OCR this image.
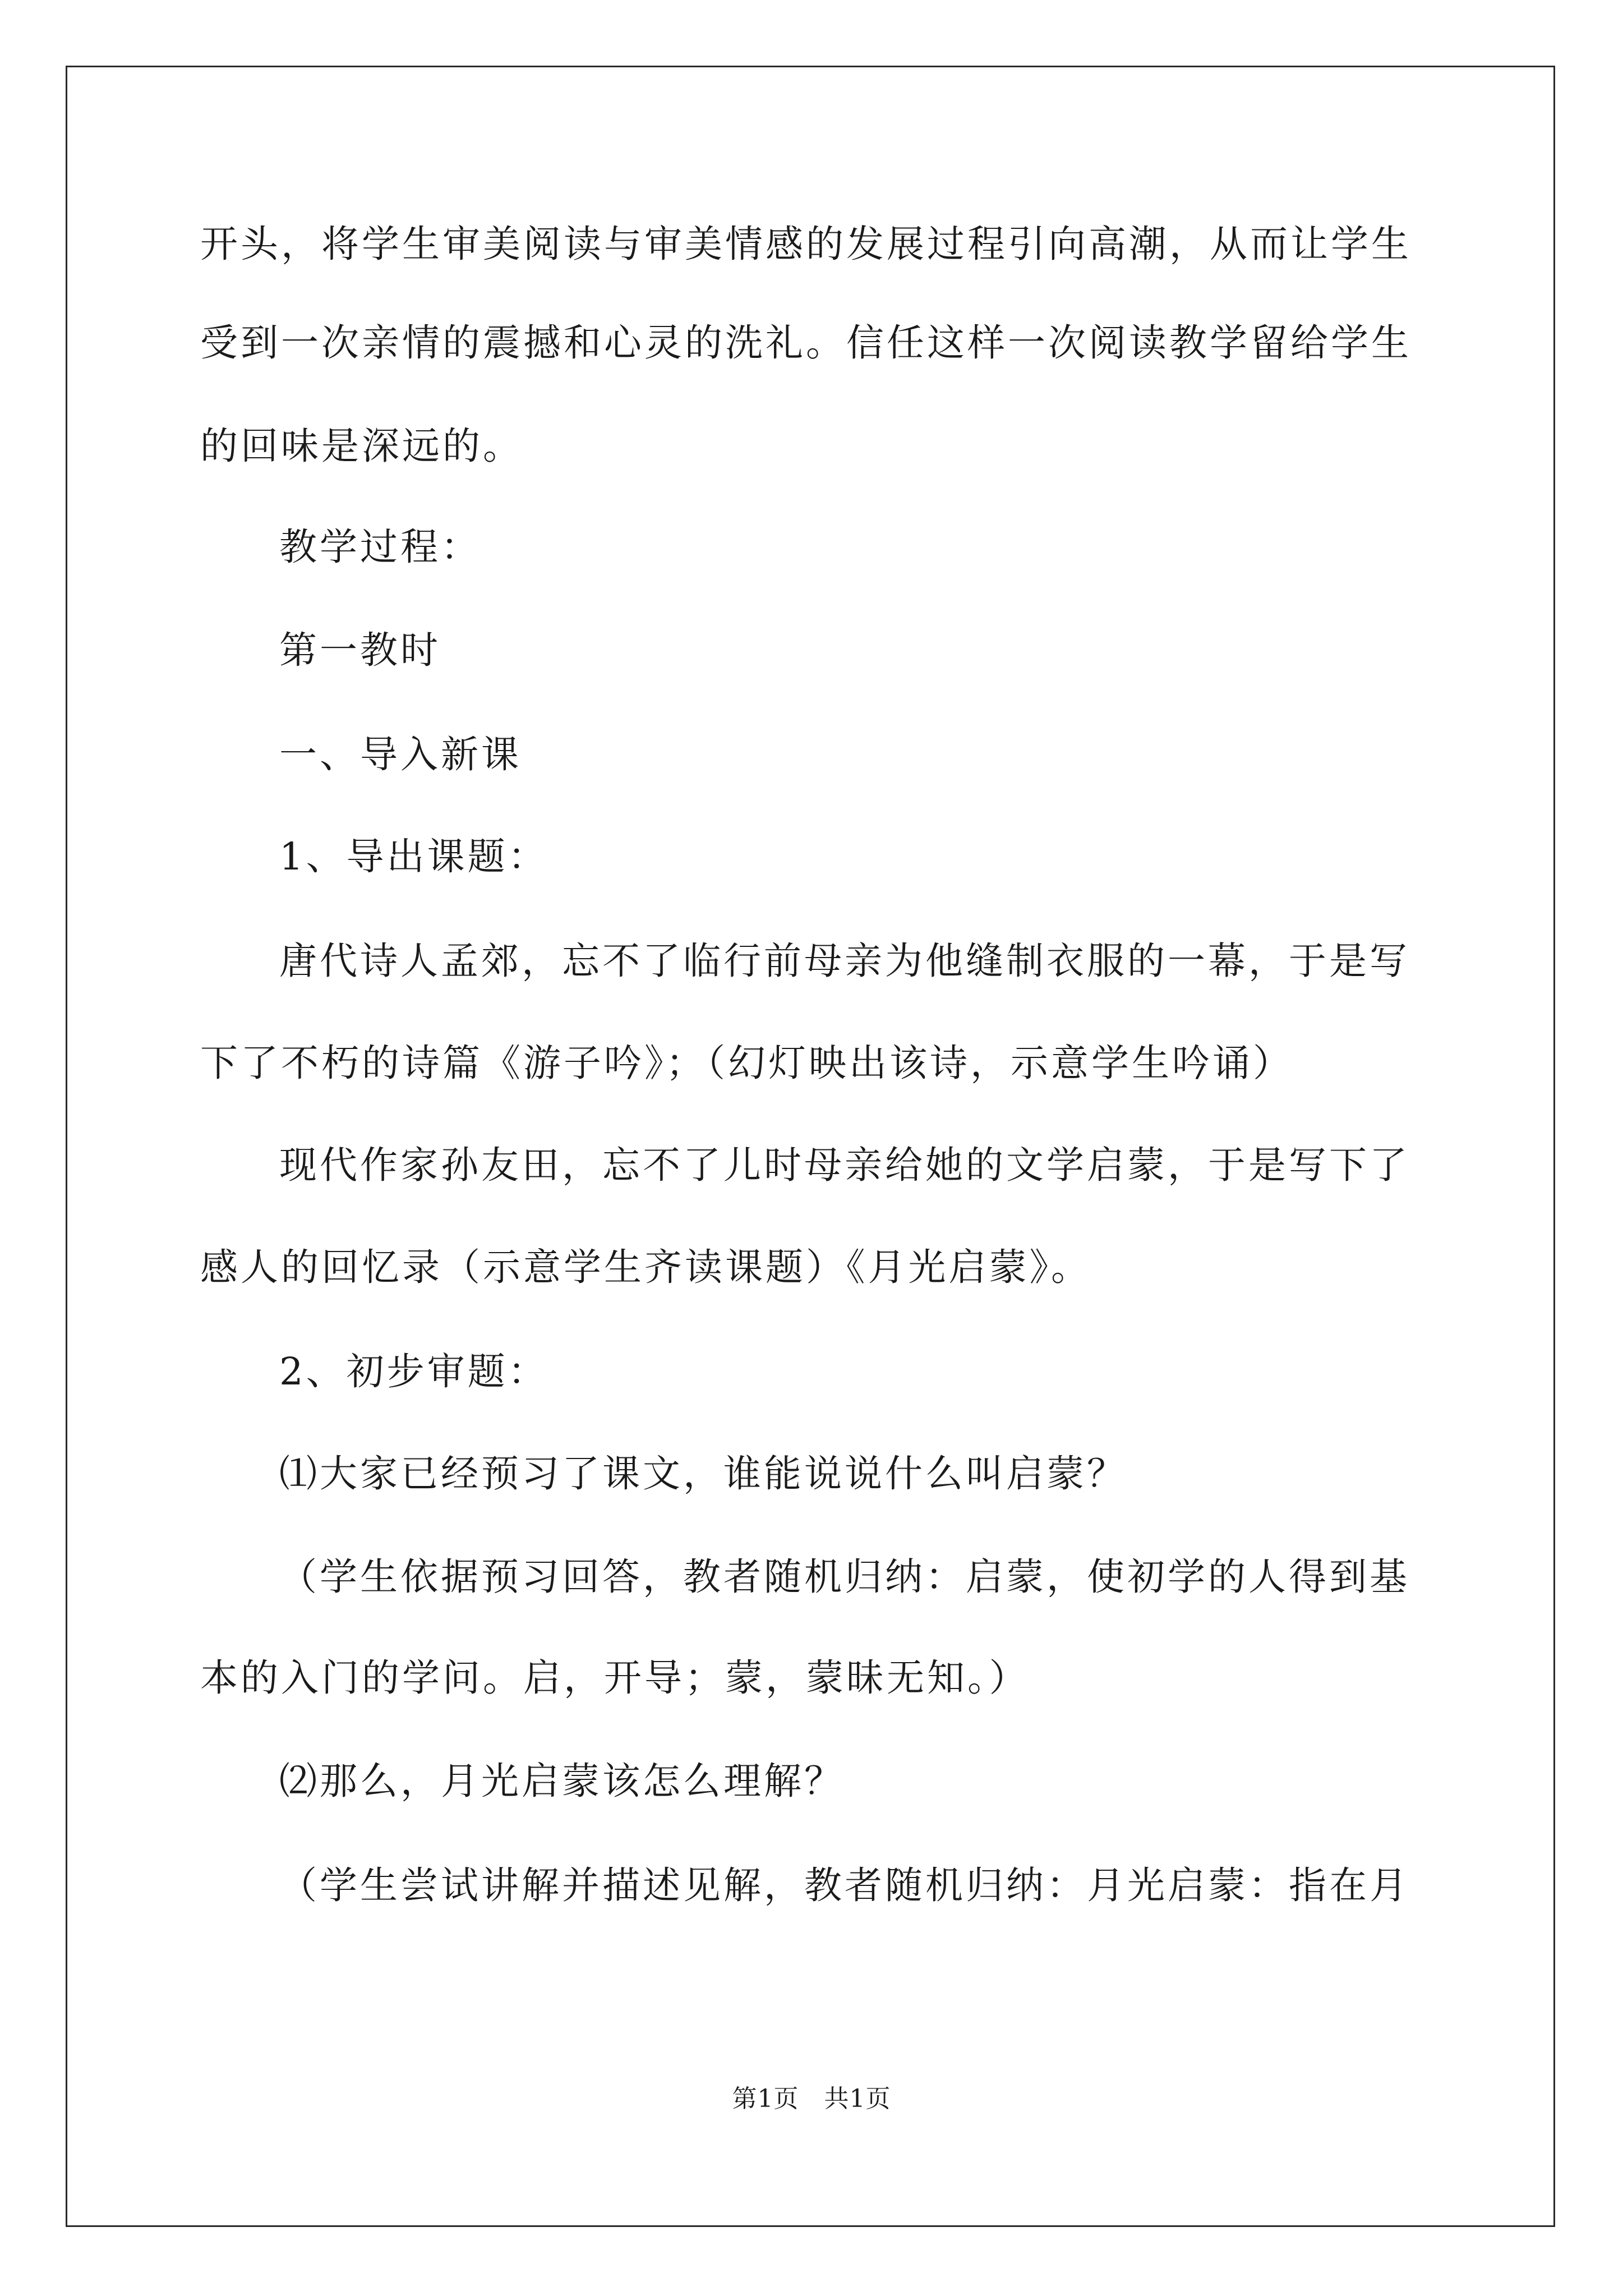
开头，将学生审美阅读与审美情感的发展过程引向高潮，从而让学生
受到一次亲情的震撼和心灵的洗礼。信任这样一次阅读教学留给学生
的回味是深远的。
教学过程：
第一教时
一、导入新课
1、导出课题：
唐代诗人孟郊，忘不了临行前母亲为他缝制衣服的一幕，于是写
下了不朽的诗篇《游子吟》；（幻灯映出该诗，示意学生吟诵）
现代作家孙友田，忘不了儿时母亲给她的文学启蒙，于是写下了
感人的回忆录（示意学生齐读课题）《月光启蒙》。
2、初步审题：
⑴大家已经预习了课文，谁能说说什么叫启蒙？
（学生依据预习回答，教者随机归纳：启蒙，使初学的人得到基
本的入门的学问。启，开导；蒙，蒙昧无知。）
⑵那么，月光启蒙该怎么理解？
（学生尝试讲解并描述见解，教者随机归纳：月光启蒙：指在月
第1页　共1页
